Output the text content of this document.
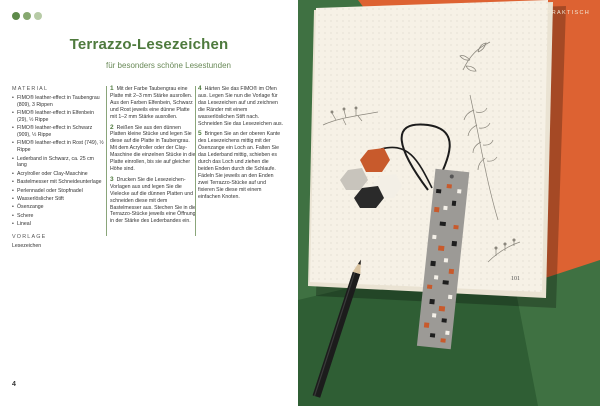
Terrazzo-Lesezeichen
für besonders schöne Lesestunden
MATERIAL
• FIMO® leather-effect in Taubengrau (809), 3 Rippen
• FIMO® leather-effect in Elfenbein (29), ½ Rippe
• FIMO® leather-effect in Schwarz (909), ½ Rippe
• FIMO® leather-effect in Rost (749), ½ Rippe
• Lederband in Schwarz, ca. 25 cm lang
• Acrylroller oder Clay-Maschine
• Bastelmesser mit Schneideunterlage
• Perlennadel oder Stopfnadel
• Wasserlöslicher Stift
• Ösenzange
• Schere
• Lineal
VORLAGE
Lesezeichen
1 Mit der Farbe Taubengrau eine Platte mit 2–3 mm Stärke ausrollen. Aus den Farben Elfenbein, Schwarz und Rost jeweils eine dünne Platte mit 1–2 mm Stärke ausrollen.
2 Reißen Sie aus den dünnen Platten kleine Stücke und legen Sie diese auf die Platte in Taubengrau. Mit dem Acrylroller oder der Clay-Maschine die einzelnen Stücke in die Platte einrollen, bis sie auf gleicher Höhe sind.
3 Drucken Sie die Lesezeichen-Vorlagen aus und legen Sie die Vielecke auf die dünnen Platten und schneiden diese mit dem Bastelmesser aus. Stechen Sie in die Terrazzo-Stücke jeweils eine Öffnung in der Stärke des Lederbandes ein.
4 Härten Sie das FIMO® im Ofen aus. Legen Sie nun die Vorlage für das Lesezeichen auf und zeichnen die Ränder mit einem wasserlöslichen Stift nach. Schneiden Sie das Lesezeichen aus.
5 Bringen Sie an der oberen Kante des Lesezeichens mittig mit der Ösenzange ein Loch an. Falten Sie das Lederband mittig, schieben es durch das Loch und ziehen die beiden Enden durch die Schlaufe. Fädeln Sie jeweils an den Enden zwei Terrazzo-Stücke auf und fixieren Sie diese mit einem einfachen Knoten.
4
PRAKTISCH
101
